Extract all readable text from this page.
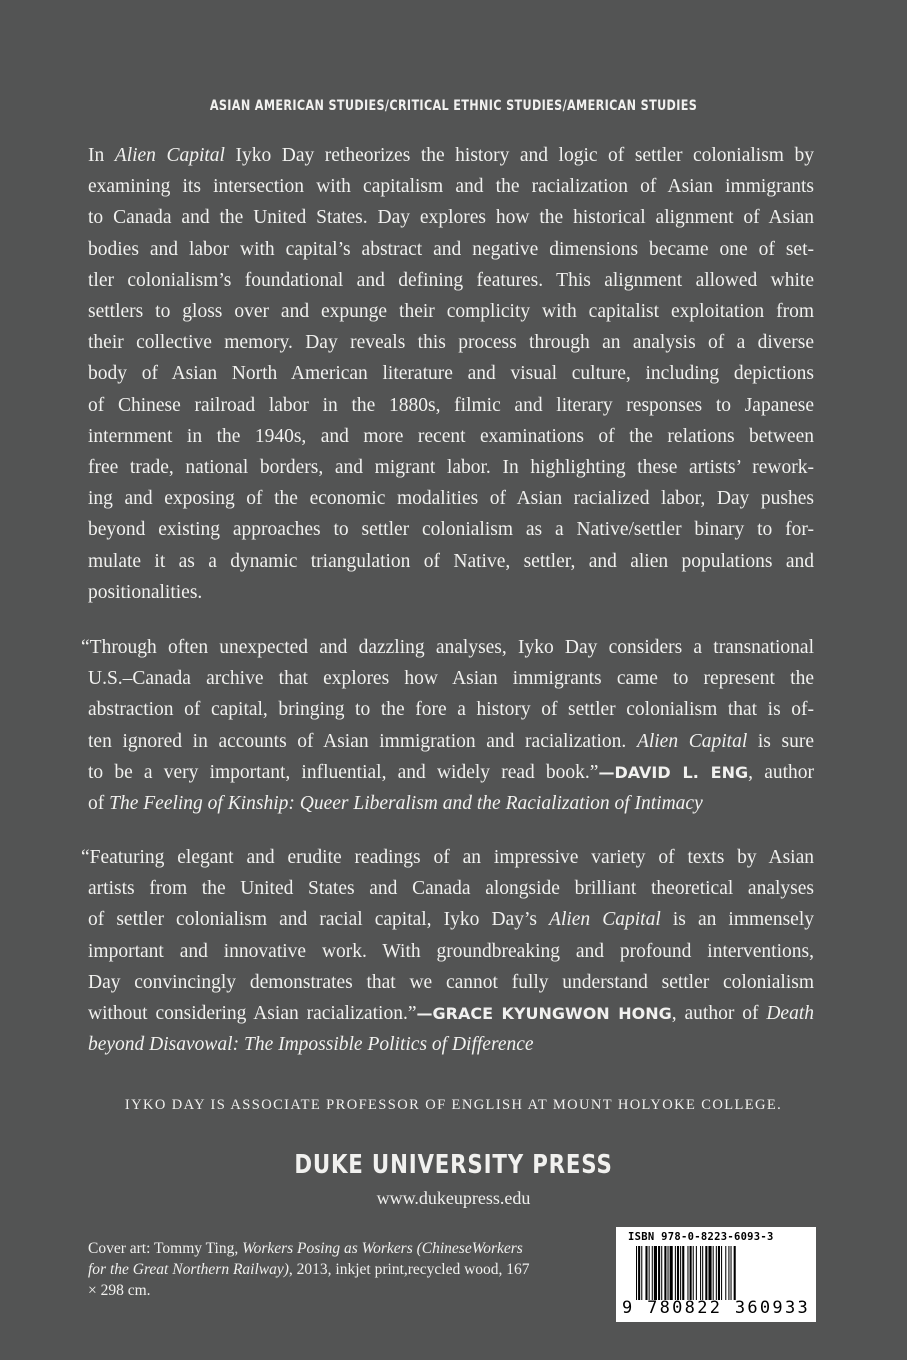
ASIAN AMERICAN STUDIES/CRITICAL ETHNIC STUDIES/AMERICAN STUDIES
In Alien Capital Iyko Day retheorizes the history and logic of settler colonialism by
examining its intersection with capitalism and the racialization of Asian immigrants
to Canada and the United States. Day explores how the historical alignment of Asian
bodies and labor with capital’s abstract and negative dimensions became one of set-
tler colonialism’s foundational and defining features. This alignment allowed white
settlers to gloss over and expunge their complicity with capitalist exploitation from
their collective memory. Day reveals this process through an analysis of a diverse
body of Asian North American literature and visual culture, including depictions
of Chinese railroad labor in the 1880s, filmic and literary responses to Japanese
internment in the 1940s, and more recent examinations of the relations between
free trade, national borders, and migrant labor. In highlighting these artists’ rework-
ing and exposing of the economic modalities of Asian racialized labor, Day pushes
beyond existing approaches to settler colonialism as a Native/settler binary to for-
mulate it as a dynamic triangulation of Native, settler, and alien populations and
positionalities.
“Through often unexpected and dazzling analyses, Iyko Day considers a transnational
U.S.–Canada archive that explores how Asian immigrants came to represent the
abstraction of capital, bringing to the fore a history of settler colonialism that is of-
ten ignored in accounts of Asian immigration and racialization. Alien Capital is sure
to be a very important, influential, and widely read book.”—DAVID L. ENG, author
of The Feeling of Kinship: Queer Liberalism and the Racialization of Intimacy
“Featuring elegant and erudite readings of an impressive variety of texts by Asian
artists from the United States and Canada alongside brilliant theoretical analyses
of settler colonialism and racial capital, Iyko Day’s Alien Capital is an immensely
important and innovative work. With groundbreaking and profound interventions,
Day convincingly demonstrates that we cannot fully understand settler colonialism
without considering Asian racialization.”—GRACE KYUNGWON HONG, author of Death
beyond Disavowal: The Impossible Politics of Difference
IYKO DAY IS ASSOCIATE PROFESSOR OF ENGLISH AT MOUNT HOLYOKE COLLEGE.
DUKE UNIVERSITY PRESS
www.dukeupress.edu
Cover art: Tommy Ting, Workers Posing as Workers (ChineseWorkers for the Great Northern Railway), 2013, inkjet print,recycled wood, 167 × 298 cm.
ISBN 978-0-8223-6093-3
9 780822 360933
